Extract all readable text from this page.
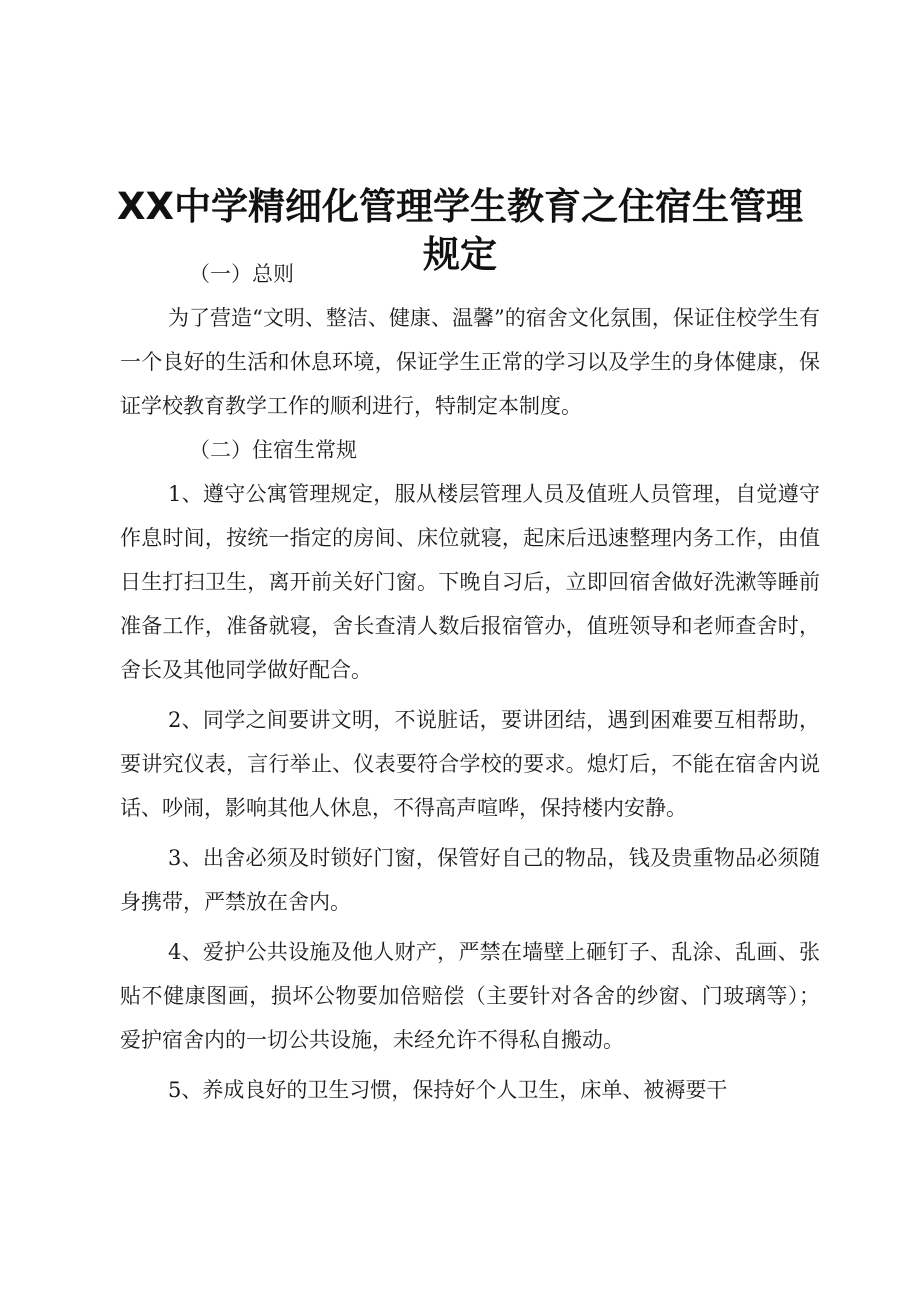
XX中学精细化管理学生教育之住宿生管理规定

（一）总则

为了营造“文明、整洁、健康、温馨”的宿舍文化氛围，保证住校学生有一个良好的生活和休息环境，保证学生正常的学习以及学生的身体健康，保证学校教育教学工作的顺利进行，特制定本制度。

（二）住宿生常规

1、遵守公寓管理规定，服从楼层管理人员及值班人员管理，自觉遵守作息时间，按统一指定的房间、床位就寝，起床后迅速整理内务工作，由值日生打扫卫生，离开前关好门窗。下晚自习后，立即回宿舍做好洗漱等睡前准备工作，准备就寝，舍长查清人数后报宿管办，值班领导和老师查舍时，舍长及其他同学做好配合。

2、同学之间要讲文明，不说脏话，要讲团结，遇到困难要互相帮助，要讲究仪表，言行举止、仪表要符合学校的要求。熄灯后，不能在宿舍内说话、吵闹，影响其他人休息，不得高声喧哗，保持楼内安静。

3、出舍必须及时锁好门窗，保管好自己的物品，钱及贵重物品必须随身携带，严禁放在舍内。

4、爱护公共设施及他人财产，严禁在墙壁上砸钉子、乱涂、乱画、张贴不健康图画，损坏公物要加倍赔偿（主要针对各舍的纱窗、门玻璃等）；爱护宿舍内的一切公共设施，未经允许不得私自搬动。

5、养成良好的卫生习惯，保持好个人卫生，床单、被褥要干
